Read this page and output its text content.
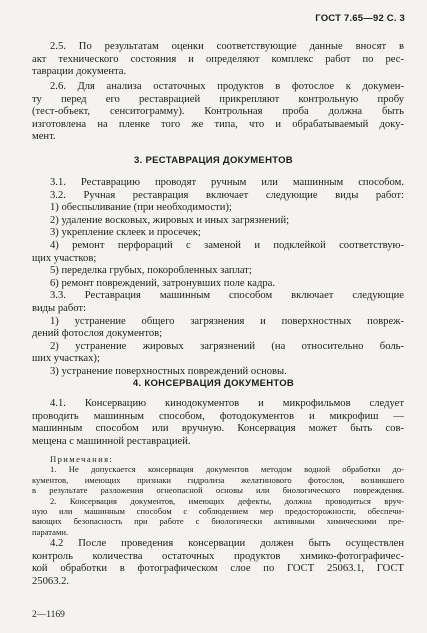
ГОСТ 7.65—92 С. 3
2.5. По результатам оценки соответствующие данные вносят в
акт технического состояния и определяют комплекс работ по рес-
таврации документа.
2.6. Для анализа остаточных продуктов в фотослое к докумен-
ту перед его реставрацией прикрепляют контрольную пробу
(тест-объект, сенситограмму). Контрольная проба должна быть
изготовлена на пленке того же типа, что и обрабатываемый доку-
мент.
3. РЕСТАВРАЦИЯ ДОКУМЕНТОВ
3.1. Реставрацию проводят ручным или машинным способом.
3.2. Ручная реставрация включает следующие виды работ:
1) обеспыливание (при необходимости);
2) удаление восковых, жировых и иных загрязнений;
3) укрепление склеек и просечек;
4) ремонт перфораций с заменой и подклейкой соответствую-
щих участков;
5) переделка грубых, покоробленных заплат;
6) ремонт повреждений, затронувших поле кадра.
3.3. Реставрация машинным способом включает следующие
виды работ:
1) устранение общего загрязнения и поверхностных повреж-
дений фотослоя документов;
2) устранение жировых загрязнений (на относительно боль-
ших участках);
3) устранение поверхностных повреждений основы.
4. КОНСЕРВАЦИЯ ДОКУМЕНТОВ
4.1. Консервацию кинодокументов и микрофильмов следует
проводить машинным способом, фотодокументов и микрофиш —
машинным способом или вручную. Консервация может быть сов-
мещена с машинной реставрацией.
Примечания:
1. Не допускается консервация документов методом водной обработки до-
кументов, имеющих признаки гидролиза желатинового фотослоя, возникшего
в результате разложения огнеопасной основы или биологического повреждения.
2. Консервация документов, имеющих дефекты, должна проводиться вруч-
ную или машинным способом с соблюдением мер предосторожности, обеспечи-
вающих безопасность при работе с биологически активными химическими пре-
паратами.
4.2 После проведения консервации должен быть осуществлен
контроль количества остаточных продуктов химико-фотографичес-
кой обработки в фотографическом слое по ГОСТ 25063.1, ГОСТ
25063.2.
2—1169
